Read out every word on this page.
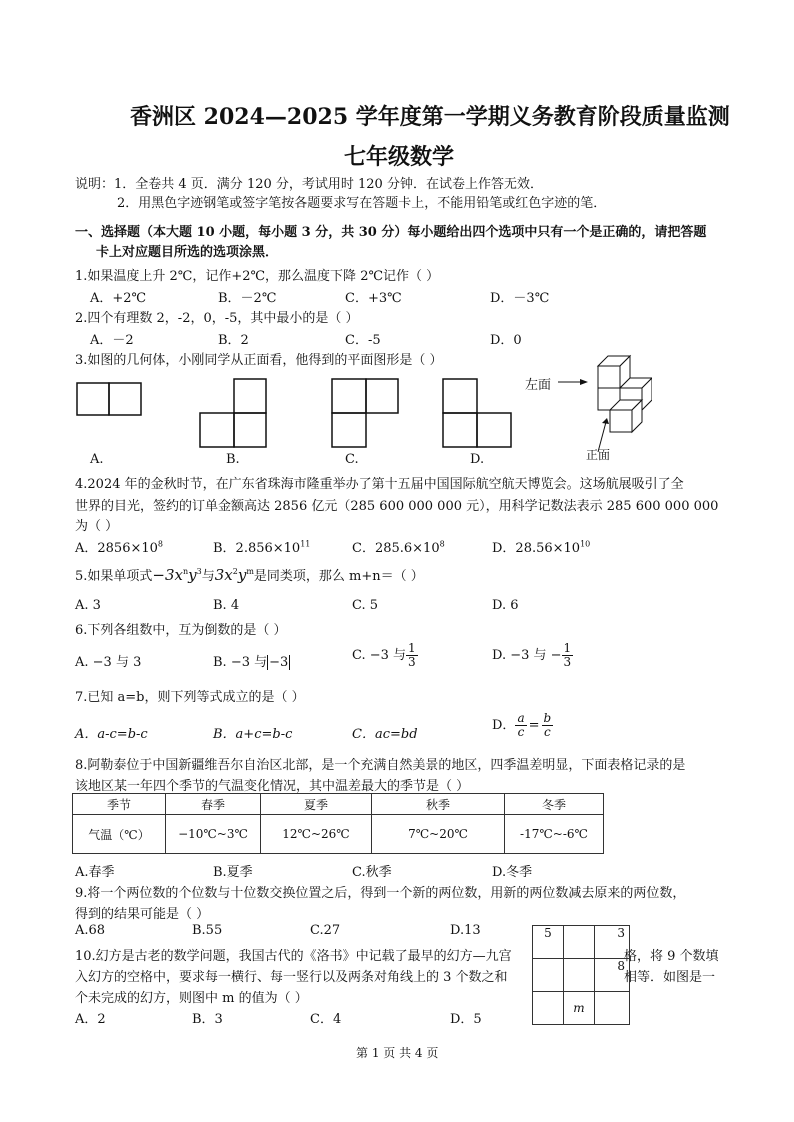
香洲区 2024—2025 学年度第一学期义务教育阶段质量监测
七年级数学
说明：1．全卷共 4 页．满分 120 分，考试用时 120 分钟．在试卷上作答无效．
2．用黑色字迹钢笔或签字笔按各题要求写在答题卡上，不能用铅笔或红色字迹的笔．
一、选择题（本大题 10 小题，每小题 3 分，共 30 分）每小题给出四个选项中只有一个是正确的，请把答题
卡上对应题目所选的选项涂黑．
1.如果温度上升 2℃，记作+2℃，那么温度下降 2℃记作（ ）
A．+2℃	B．－2℃	C．+3℃	D．－3℃
2.四个有理数 2，-2，0，-5，其中最小的是（ ）
A．－2	B．2	C．-5	D．0
3.如图的几何体，小刚同学从正面看，他得到的平面图形是（ ）
A.	B.	C.	D.
左面
正面
4.2024 年的金秋时节，在广东省珠海市隆重举办了第十五届中国国际航空航天博览会。这场航展吸引了全
世界的目光，签约的订单金额高达 2856 亿元（285 600 000 000 元），用科学记数法表示 285 600 000 000
为（ ）
A．$2856\times 10^8$	B．$2.856\times 10^{11}$	C．$285.6\times 10^8$	D．$28.56\times 10^{10}$
5.如果单项式$-3x^ny^3$与$3x^2y^m$是同类项，那么 m+n＝（ ）
A. 3	B. 4	C. 5	D. 6
6.下列各组数中，互为倒数的是（ ）
A. −3 与 3	B. −3 与 −3	C. −3 与 $\frac{1}{3}$	D. −3 与 − $\frac{1}{3}$
7.已知 a=b，则下列等式成立的是（ ）
A．a-c=b-c	B．a+c=b-c	C．ac=bd
D． $\frac{a}{c} = \frac{b}{c}$
8.阿勒泰位于中国新疆维吾尔自治区北部，是一个充满自然美景的地区，四季温差明显，下面表格记录的是
该地区某一年四个季节的气温变化情况，其中温差最大的季节是（ ）
季节	春季	夏季	秋季	冬季
气温（℃）	−10℃~3℃	12℃~26℃	7℃~20℃	-17℃~-6℃
A.春季	B.夏季	C.秋季	D.冬季
9.将一个两位数的个位数与十位数交换位置之后，得到一个新的两位数，用新的两位数减去原来的两位数，
得到的结果可能是（ ）
A.68	B.55	C.27	D.13
10.幻方是古老的数学问题，我国古代的《洛书》中记载了最早的幻方—九宫	格，将 9 个数填
入幻方的空格中，要求每一横行、每一竖行以及两条对角线上的 3 个数之和	相等．如图是一
个未完成的幻方，则图中 m 的值为（ ）
A．2	B．3	C．4	D．5
5		3
		8
	m	
第 1 页 共 4 页
